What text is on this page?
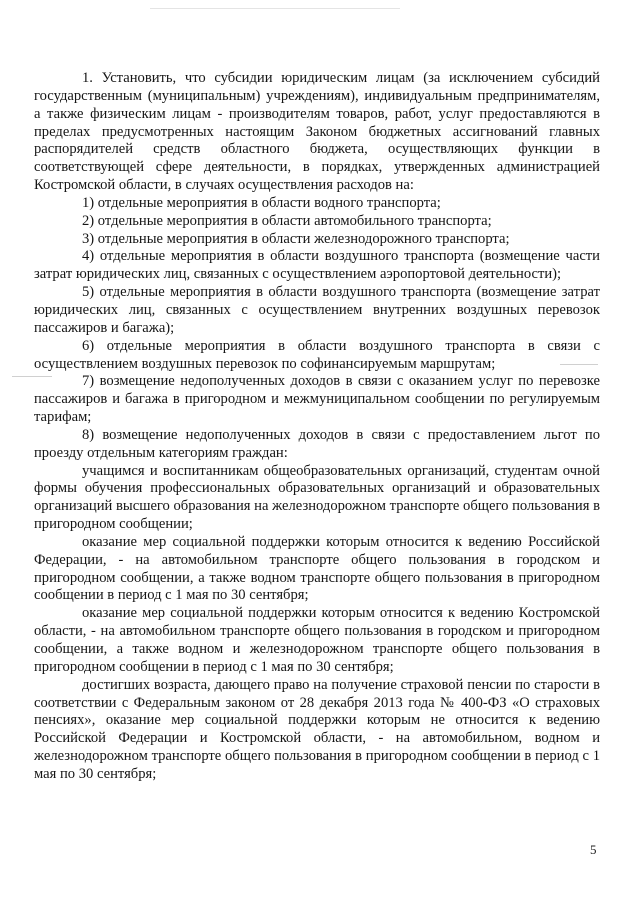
1. Установить, что субсидии юридическим лицам (за исключением субсидий государственным (муниципальным) учреждениям), индивидуальным предпринимателям, а также физическим лицам - производителям товаров, работ, услуг предоставляются в пределах предусмотренных настоящим Законом бюджетных ассигнований главных распорядителей средств областного бюджета, осуществляющих функции в соответствующей сфере деятельности, в порядках, утвержденных администрацией Костромской области, в случаях осуществления расходов на:

1) отдельные мероприятия в области водного транспорта;

2) отдельные мероприятия в области автомобильного транспорта;

3) отдельные мероприятия в области железнодорожного транспорта;

4) отдельные мероприятия в области воздушного транспорта (возмещение части затрат юридических лиц, связанных с осуществлением аэропортовой деятельности);

5) отдельные мероприятия в области воздушного транспорта (возмещение затрат юридических лиц, связанных с осуществлением внутренних воздушных перевозок пассажиров и багажа);

6) отдельные мероприятия в области воздушного транспорта в связи с осуществлением воздушных перевозок по софинансируемым маршрутам;

7) возмещение недополученных доходов в связи с оказанием услуг по перевозке пассажиров и багажа в пригородном и межмуниципальном сообщении по регулируемым тарифам;

8) возмещение недополученных доходов в связи с предоставлением льгот по проезду отдельным категориям граждан:

учащимся и воспитанникам общеобразовательных организаций, студентам очной формы обучения профессиональных образовательных организаций и образовательных организаций высшего образования на железнодорожном транспорте общего пользования в пригородном сообщении;

оказание мер социальной поддержки которым относится к ведению Российской Федерации, - на автомобильном транспорте общего пользования в городском и пригородном сообщении, а также водном транспорте общего пользования в пригородном сообщении в период с 1 мая по 30 сентября;

оказание мер социальной поддержки которым относится к ведению Костромской области, - на автомобильном транспорте общего пользования в городском и пригородном сообщении, а также водном и железнодорожном транспорте общего пользования в пригородном сообщении в период с 1 мая по 30 сентября;

достигших возраста, дающего право на получение страховой пенсии по старости в соответствии с Федеральным законом от 28 декабря 2013 года № 400-ФЗ «О страховых пенсиях», оказание мер социальной поддержки которым не относится к ведению Российской Федерации и Костромской области, - на автомобильном, водном и железнодорожном транспорте общего пользования в пригородном сообщении в период с 1 мая по 30 сентября;

5
